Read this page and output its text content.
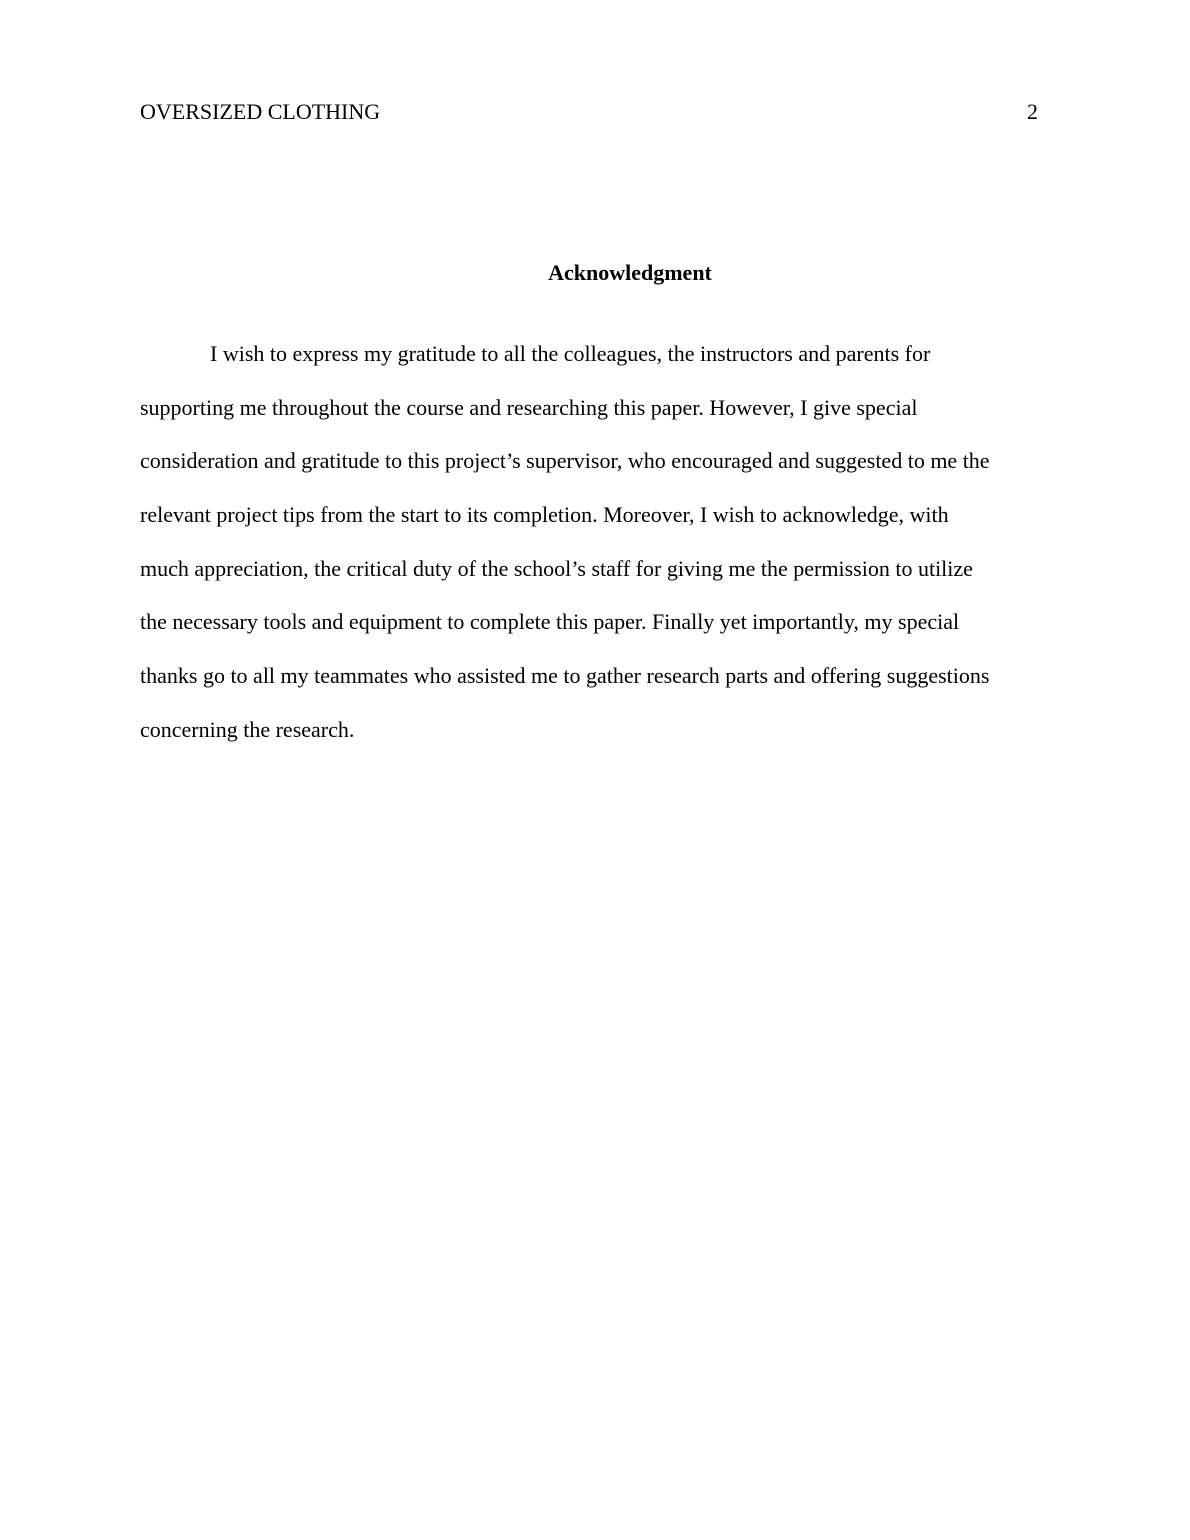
OVERSIZED CLOTHING	2
Acknowledgment
I wish to express my gratitude to all the colleagues, the instructors and parents for
supporting me throughout the course and researching this paper. However, I give special
consideration and gratitude to this project’s supervisor, who encouraged and suggested to me the
relevant project tips from the start to its completion. Moreover, I wish to acknowledge, with
much appreciation, the critical duty of the school’s staff for giving me the permission to utilize
the necessary tools and equipment to complete this paper. Finally yet importantly, my special
thanks go to all my teammates who assisted me to gather research parts and offering suggestions
concerning the research.
